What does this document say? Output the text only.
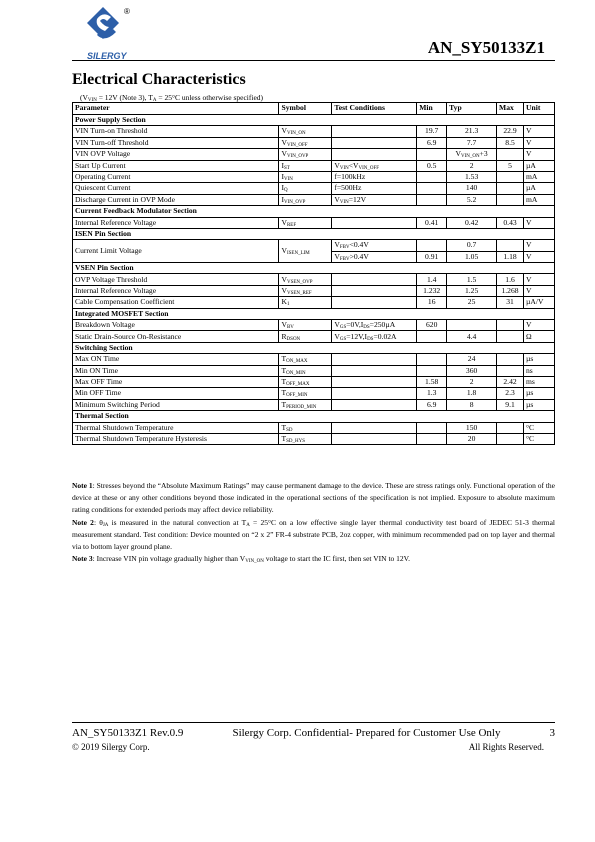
SILERGY
®
AN_SY50133Z1
Electrical Characteristics
($V_{VIN} = 12V$ (Note 3), $T_A = 25^\circ C$ unless otherwise specified)
Parameter	Symbol	Test Conditions	Min	Typ	Max	Unit
Power Supply Section						
VIN Turn-on Threshold	$V_{VIN\_ON}$		19.7	21.3	22.9	V
VIN Turn-off Threshold	$V_{VIN\_OFF}$		6.9	7.7	8.5	V
VIN OVP Voltage	$V_{VIN\_OVP}$			$V_{VIN\_ON}+3$		V
Start Up Current	$I_{ST}$	$V_{VIN}<V_{VIN\_OFF}$	0.5	2	5	µA
Operating Current	$I_{VIN}$	f=100kHz		1.53		mA
Quiescent Current	$I_Q$	f=500Hz		140		µA
Discharge Current in OVP Mode	$I_{VIN\_OVP}$	$V_{VIN}=12V$		5.2		mA
Current Feedback Modulator Section						
Internal Reference Voltage	$V_{REF}$		0.41	0.42	0.43	V
ISEN Pin Section						
Current Limit Voltage	$V_{ISEN\_LIM}$	$V_{FBV}<0.4V$		0.7		V
		$V_{FBV}>0.4V$	0.91	1.05	1.18	V
VSEN Pin Section						
OVP Voltage Threshold	$V_{VSEN\_OVP}$		1.4	1.5	1.6	V
Internal Reference Voltage	$V_{VSEN\_REF}$		1.232	1.25	1.268	V
Cable Compensation Coefficient	$K_1$		16	25	31	µA/V
Integrated MOSFET Section						
Breakdown Voltage	$V_{BV}$	$V_{GS}=0V,I_{DS}=250\mu A$	620			V
Static Drain-Source On-Resistance	$R_{DSON}$	$V_{GS}=12V,I_{DS}=0.02A$		4.4		Ω
Switching Section						
Max ON Time	$T_{ON\_MAX}$			24		µs
Min ON Time	$T_{ON\_MIN}$			360		ns
Max OFF Time	$T_{OFF\_MAX}$		1.58	2	2.42	ms
Min OFF Time	$T_{OFF\_MIN}$		1.3	1.8	2.3	µs
Minimum Switching Period	$T_{PERIOD\_MIN}$		6.9	8	9.1	µs
Thermal Section						
Thermal Shutdown Temperature	$T_{SD}$			150		°C
Thermal Shutdown Temperature Hysteresis	$T_{SD\_HYS}$			20		°C

Note 1: Stresses beyond the “Absolute Maximum Ratings” may cause permanent damage to the device. These are stress ratings only. Functional operation of the device at these or any other conditions beyond those indicated in the operational sections of the specification is not implied. Exposure to absolute maximum rating conditions for extended periods may affect device reliability.

Note 2: $\theta_{JA}$ is measured in the natural convection at $T_A = 25^\circ C$ on a low effective single layer thermal conductivity test board of JEDEC 51-3 thermal measurement standard. Test condition: Device mounted on “2 x 2” FR-4 substrate PCB, 2oz copper, with minimum recommended pad on top layer and thermal via to bottom layer ground plane.

Note 3: Increase VIN pin voltage gradually higher than $V_{VIN\_ON}$ voltage to start the IC first, then set VIN to 12V.

AN_SY50133Z1 Rev.0.9	Silergy Corp. Confidential- Prepared for Customer Use Only	3
© 2019 Silergy Corp.	All Rights Reserved.
